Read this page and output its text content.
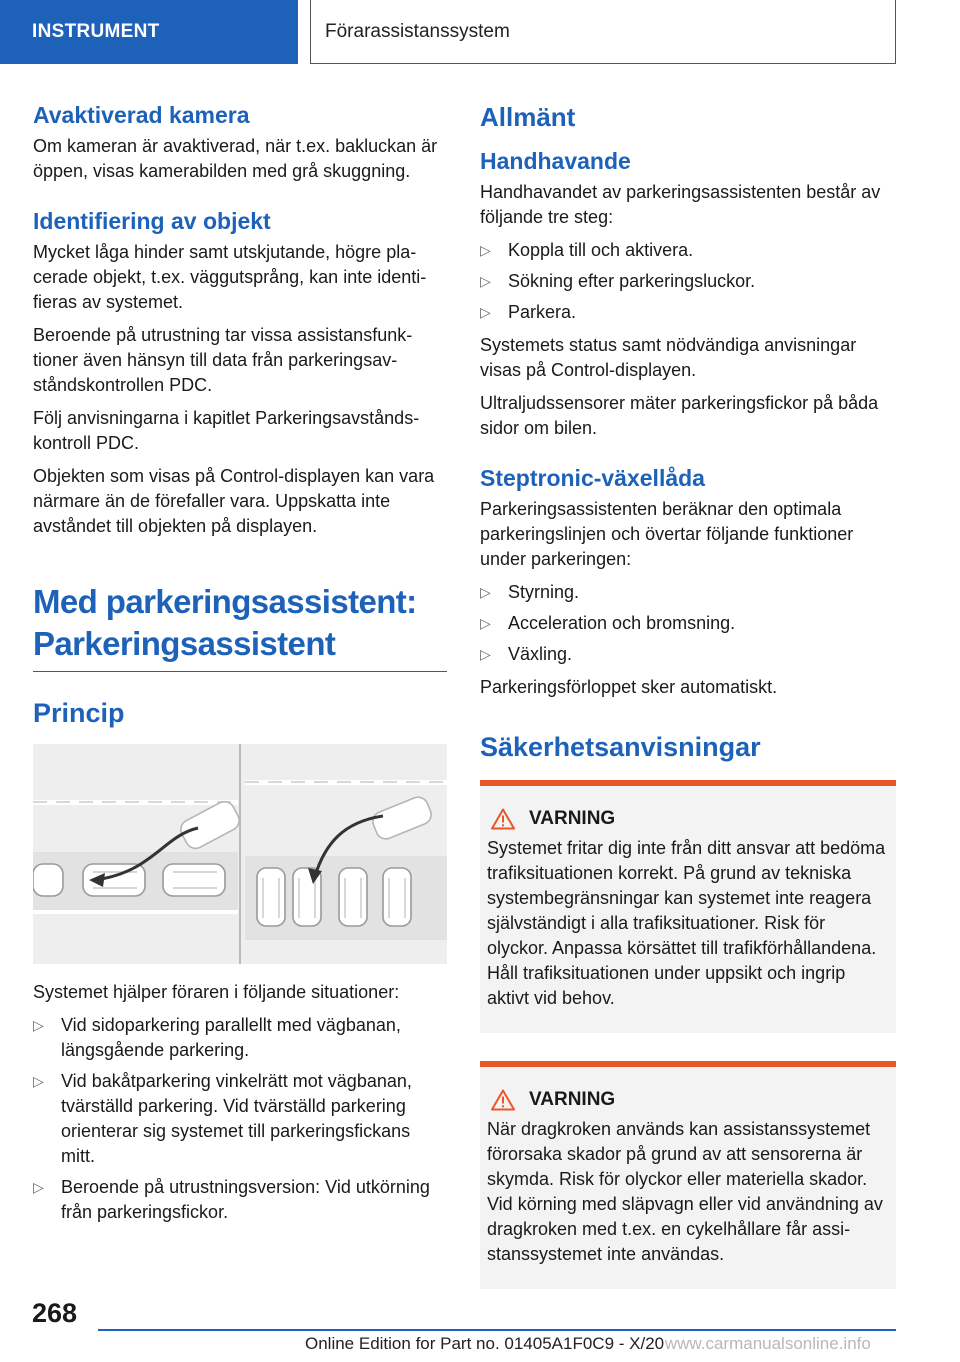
INSTRUMENT	Förarassistanssystem
Avaktiverad kamera

Om kameran är avaktiverad, när t.ex. bakluckan är öppen, visas kamerabilden med grå skuggning.

Identifiering av objekt

Mycket låga hinder samt utskjutande, högre placerade objekt, t.ex. väggutsprång, kan inte identifieras av systemet.

Beroende på utrustning tar vissa assistansfunktioner även hänsyn till data från parkeringsavståndskontrollen PDC.

Följ anvisningarna i kapitlet Parkeringsavståndskontroll PDC.

Objekten som visas på Control-displayen kan vara närmare än de förefaller vara. Uppskatta inte avståndet till objekten på displayen.

Med parkeringsassistent:
Parkeringsassistent
Princip

Systemet hjälper föraren i följande situationer:

▷ Vid sidoparkering parallellt med vägbanan, längsgående parkering.
▷ Vid bakåtparkering vinkelrätt mot vägbanan, tvärställd parkering. Vid tvärställd parkering orienterar sig systemet till parkeringsfickans mitt.
▷ Beroende på utrustningsversion: Vid utkörning från parkeringsfickor.
Allmänt
Handhavande

Handhavandet av parkeringsassistenten består av följande tre steg:

▷ Koppla till och aktivera.
▷ Sökning efter parkeringsluckor.
▷ Parkera.

Systemets status samt nödvändiga anvisningar visas på Control-displayen.

Ultraljudssensorer mäter parkeringsfickor på båda sidor om bilen.

Steptronic-växellåda

Parkeringsassistenten beräknar den optimala parkeringslinjen och övertar följande funktioner under parkeringen:

▷ Styrning.
▷ Acceleration och bromsning.
▷ Växling.

Parkeringsförloppet sker automatiskt.

Säkerhetsanvisningar
VARNING

Systemet fritar dig inte från ditt ansvar att bedöma trafiksituationen korrekt. På grund av tekniska systembegränsningar kan systemet inte reagera självständigt i alla trafiksituationer. Risk för olyckor. Anpassa körsättet till trafikförhållandena. Håll trafiksituationen under uppsikt och ingrip aktivt vid behov.

VARNING

När dragkroken används kan assistanssystemet förorsaka skador på grund av att sensorerna är skymda. Risk för olyckor eller materiella skador. Vid körning med släpvagn eller vid användning av dragkroken med t.ex. en cykelhållare får assistanssystemet inte användas.

268
Online Edition for Part no. 01405A1F0C9 - X/20 www.carmanualsonline.info
